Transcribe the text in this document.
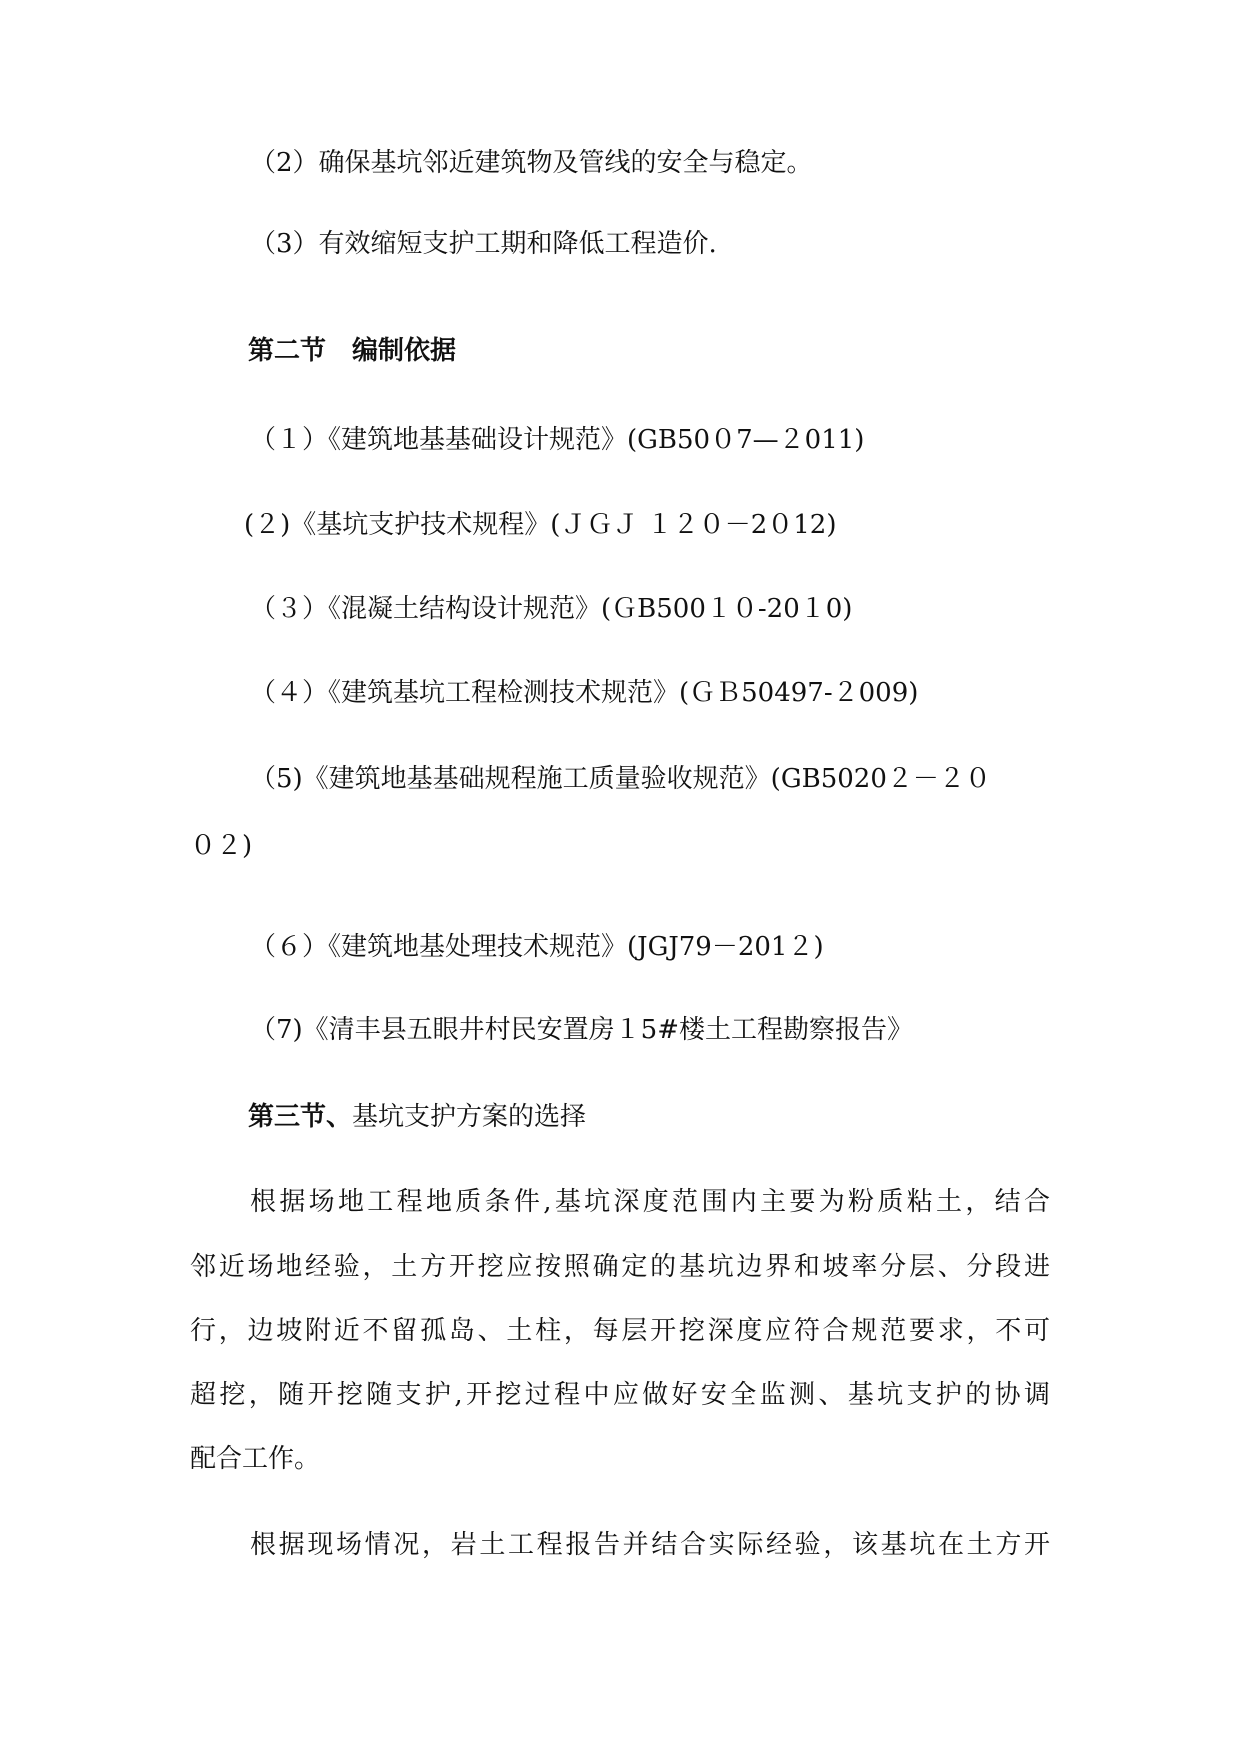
（2）确保基坑邻近建筑物及管线的安全与稳定。
（3）有效缩短支护工期和降低工程造价.
第二节　编制依据
（１）《建筑地基基础设计规范》(GB50０7—２011)
(２)《基坑支护技术规程》(ＪＧＪ １２０－2０12)
（３）《混凝土结构设计规范》(ＧB500１０-20１0)
（４）《建筑基坑工程检测技术规范》(ＧＢ50497-２009)
（5)《建筑地基基础规程施工质量验收规范》(GB5020２－２０
０２)
（６）《建筑地基处理技术规范》(JGJ79－201２)
（7)《清丰县五眼井村民安置房１5#楼土工程勘察报告》
第三节、基坑支护方案的选择
根据场地工程地质条件,基坑深度范围内主要为粉质粘土，结合
邻近场地经验，土方开挖应按照确定的基坑边界和坡率分层、分段进
行，边坡附近不留孤岛、土柱，每层开挖深度应符合规范要求，不可
超挖，随开挖随支护,开挖过程中应做好安全监测、基坑支护的协调
配合工作。
根据现场情况，岩土工程报告并结合实际经验，该基坑在土方开
